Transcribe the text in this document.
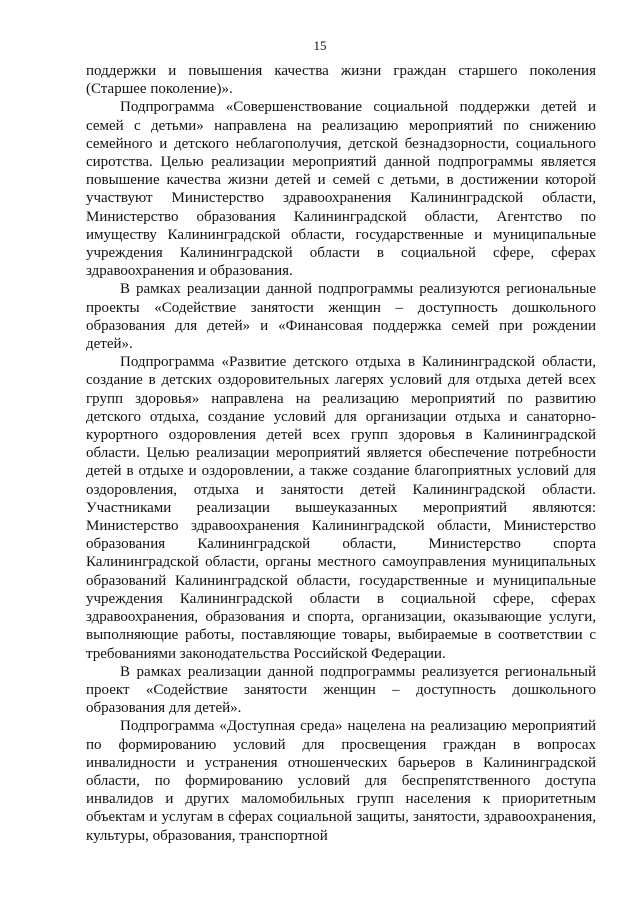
15

поддержки и повышения качества жизни граждан старшего поколения (Старшее поколение)».

Подпрограмма «Совершенствование социальной поддержки детей и семей с детьми» направлена на реализацию мероприятий по снижению семейного и детского неблагополучия, детской безнадзорности, социального сиротства. Целью реализации мероприятий данной подпрограммы является повышение качества жизни детей и семей с детьми, в достижении которой участвуют Министерство здравоохранения Калининградской области, Министерство образования Калининградской области, Агентство по имуществу Калининградской области, государственные и муниципальные учреждения Калининградской области в социальной сфере, сферах здравоохранения и образования.

В рамках реализации данной подпрограммы реализуются региональные проекты «Содействие занятости женщин – доступность дошкольного образования для детей» и «Финансовая поддержка семей при рождении детей».

Подпрограмма «Развитие детского отдыха в Калининградской области, создание в детских оздоровительных лагерях условий для отдыха детей всех групп здоровья» направлена на реализацию мероприятий по развитию детского отдыха, создание условий для организации отдыха и санаторно-курортного оздоровления детей всех групп здоровья в Калининградской области. Целью реализации мероприятий является обеспечение потребности детей в отдыхе и оздоровлении, а также создание благоприятных условий для оздоровления, отдыха и занятости детей Калининградской области. Участниками реализации вышеуказанных мероприятий являются: Министерство здравоохранения Калининградской области, Министерство образования Калининградской области, Министерство спорта Калининградской области, органы местного самоуправления муниципальных образований Калининградской области, государственные и муниципальные учреждения Калининградской области в социальной сфере, сферах здравоохранения, образования и спорта, организации, оказывающие услуги, выполняющие работы, поставляющие товары, выбираемые в соответствии с требованиями законодательства Российской Федерации.

В рамках реализации данной подпрограммы реализуется региональный проект «Содействие занятости женщин – доступность дошкольного образования для детей».

Подпрограмма «Доступная среда» нацелена на реализацию мероприятий по формированию условий для просвещения граждан в вопросах инвалидности и устранения отношенческих барьеров в Калининградской области, по формированию условий для беспрепятственного доступа инвалидов и других маломобильных групп населения к приоритетным объектам и услугам в сферах социальной защиты, занятости, здравоохранения, культуры, образования, транспортной
